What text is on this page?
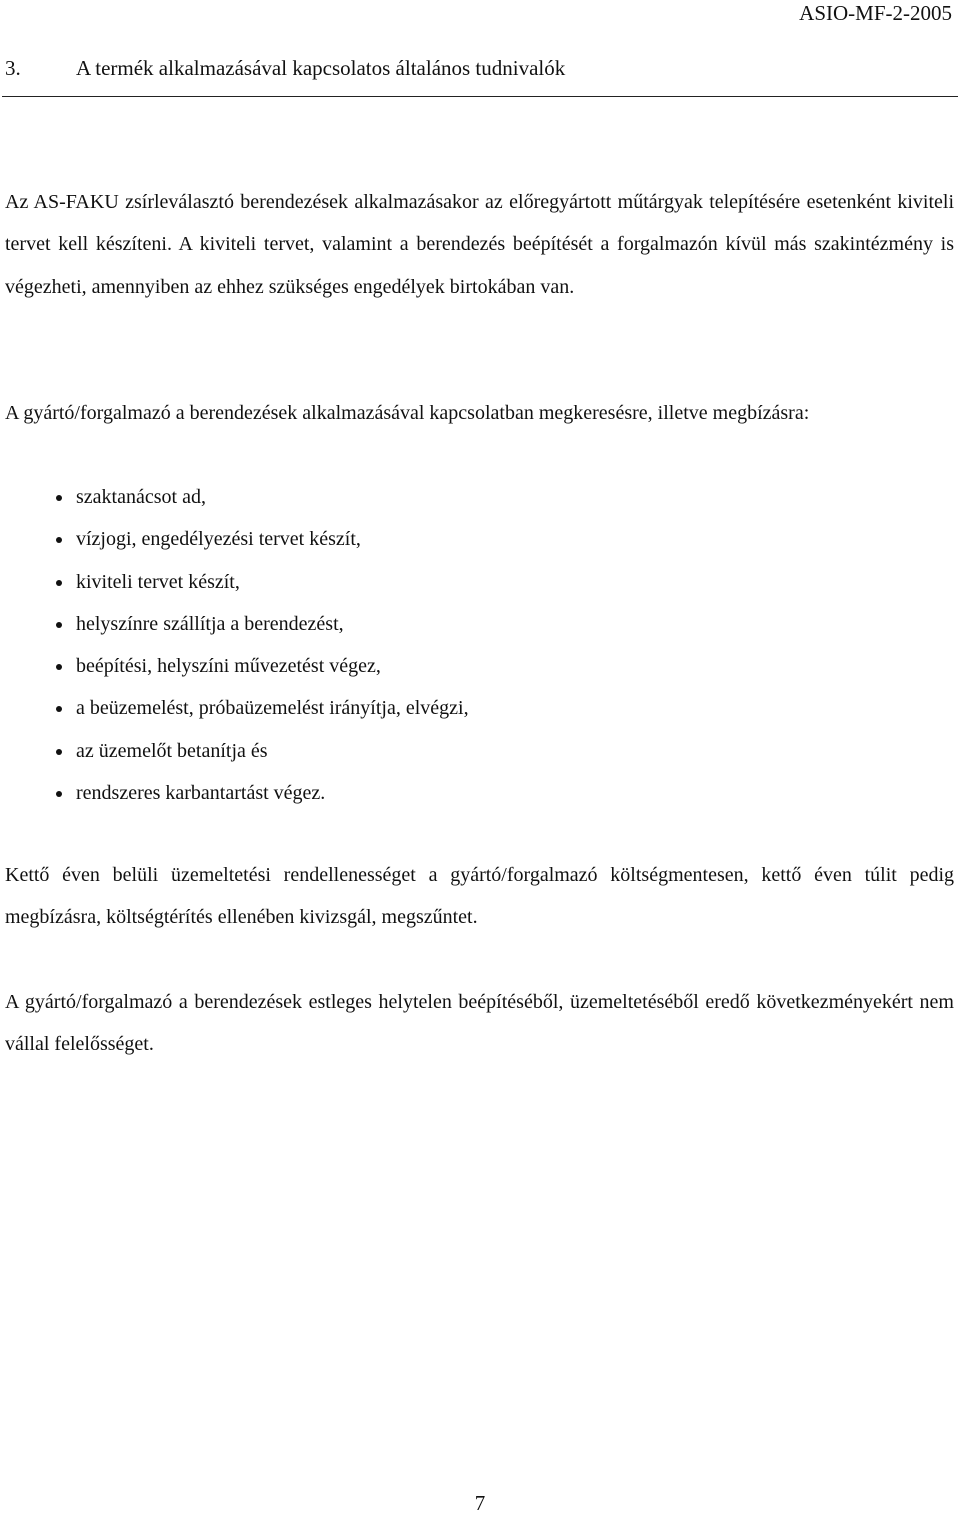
ASIO-MF-2-2005
3.	A termék alkalmazásával kapcsolatos általános tudnivalók

Az AS-FAKU zsírleválasztó berendezések alkalmazásakor az előregyártott műtárgyak telepítésére esetenként kiviteli tervet kell készíteni. A kiviteli tervet, valamint a berendezés beépítését a forgalmazón kívül más szakintézmény is végezheti, amennyiben az ehhez szükséges engedélyek birtokában van.

A gyártó/forgalmazó a berendezések alkalmazásával kapcsolatban megkeresésre, illetve megbízásra:

szaktanácsot ad,
vízjogi, engedélyezési tervet készít,
kiviteli tervet készít,
helyszínre szállítja a berendezést,
beépítési, helyszíni művezetést végez,
a beüzemelést, próbaüzemelést irányítja, elvégzi,
az üzemelőt betanítja és
rendszeres karbantartást végez.

Kettő éven belüli üzemeltetési rendellenességet a gyártó/forgalmazó költségmentesen, kettő éven túlit pedig megbízásra, költségtérítés ellenében kivizsgál, megszűntet.

A gyártó/forgalmazó a berendezések estleges helytelen beépítéséből, üzemeltetéséből eredő következményekért nem vállal felelősséget.

7
